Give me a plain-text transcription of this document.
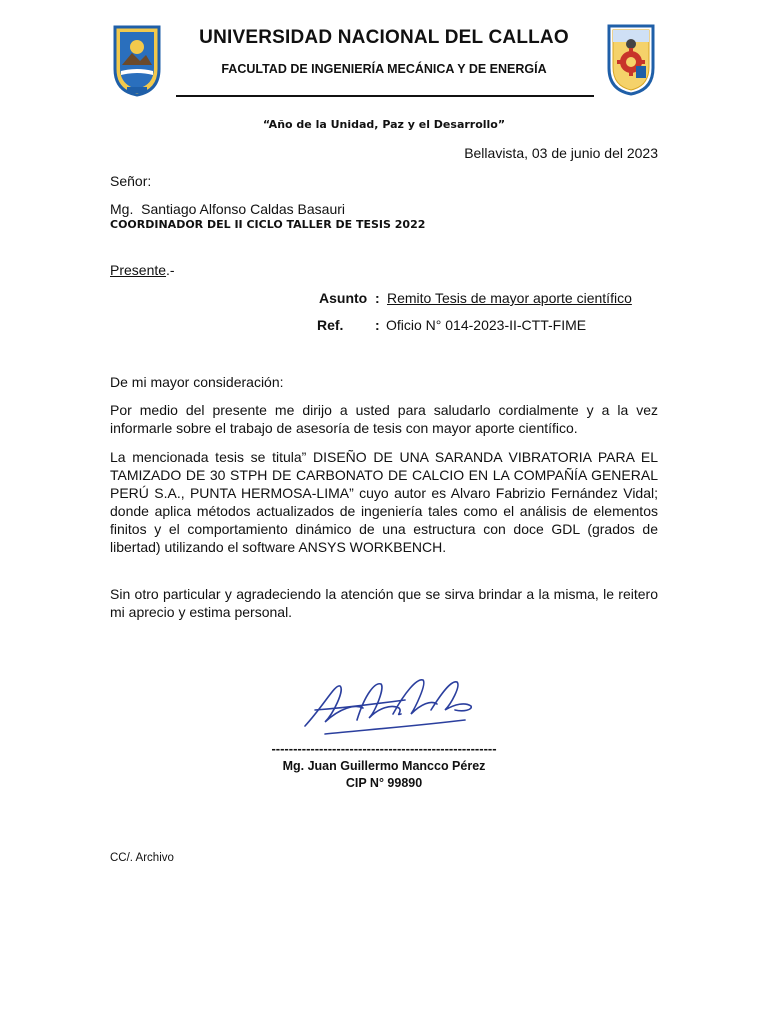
UNIVERSIDAD NACIONAL DEL CALLAO
FACULTAD DE INGENIERÍA MECÁNICA Y DE ENERGÍA
“Año de la Unidad, Paz y el Desarrollo”
Bellavista, 03 de junio del 2023
Señor:
Mg.  Santiago Alfonso Caldas Basauri
COORDINADOR DEL II CICLO TALLER DE TESIS 2022
Presente.-
Asunto : Remito Tesis de mayor aporte científico
Ref. : Oficio N° 014-2023-II-CTT-FIME
De mi mayor consideración:
Por medio del presente me dirijo a usted para saludarlo cordialmente y a la vez informarle sobre el trabajo de asesoría de tesis con mayor aporte científico.
La mencionada tesis se titula” DISEÑO DE UNA SARANDA VIBRATORIA PARA EL TAMIZADO DE 30 STPH DE CARBONATO DE CALCIO EN LA COMPAÑÍA GENERAL PERÚ S.A., PUNTA HERMOSA-LIMA” cuyo autor es Alvaro Fabrizio Fernández Vidal; donde aplica métodos actualizados de ingeniería tales como el análisis de elementos finitos y el comportamiento dinámico de una estructura con doce GDL (grados de libertad) utilizando el software ANSYS WORKBENCH.
Sin otro particular y agradeciendo la atención que se sirva brindar a la misma, le reitero mi aprecio y estima personal.
----------------------------------------------------
Mg. Juan Guillermo Mancco Pérez
CIP N° 99890
CC/. Archivo
